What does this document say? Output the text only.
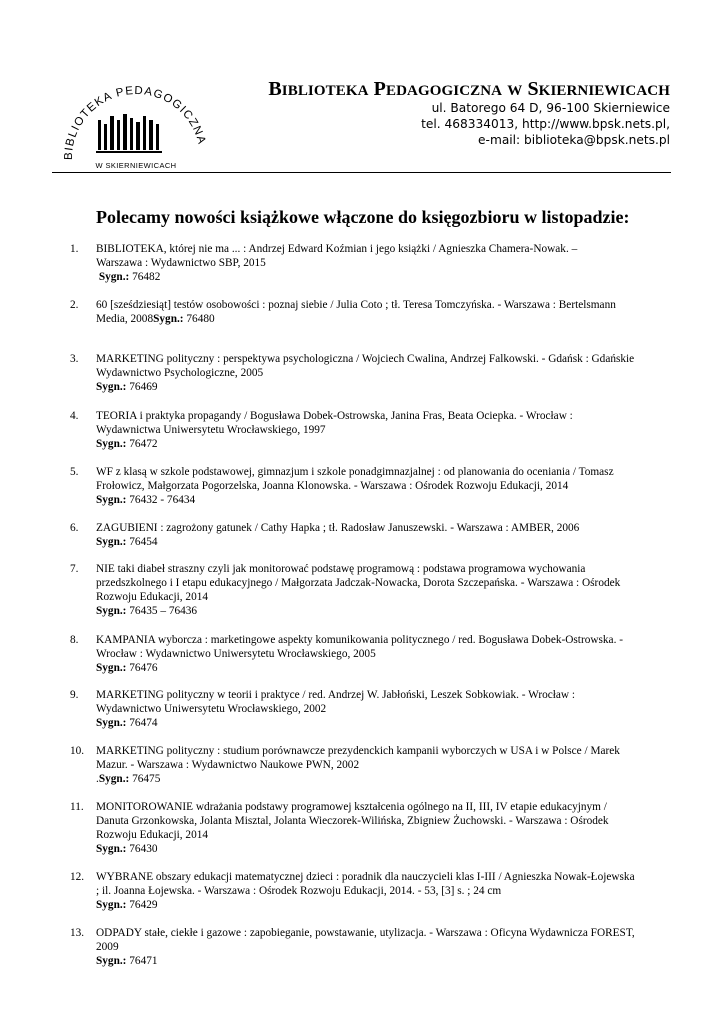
BIBLIOTEKA PEDAGOGICZNA
W SKIERNIEWICACH
BIBLIOTEKA PEDAGOGICZNA W SKIERNIEWICACH
ul. Batorego 64 D, 96-100 Skierniewice
tel. 468334013, http://www.bpsk.nets.pl,
e-mail: biblioteka@bpsk.nets.pl
Polecamy nowości książkowe włączone do księgozbioru w listopadzie:
1.	BIBLIOTEKA, której nie ma ... : Andrzej Edward Koźmian i jego książki / Agnieszka Chamera-Nowak. –
Warszawa : Wydawnictwo SBP, 2015
Sygn.: 76482
2.	60 [sześdziesiąt] testów osobowości : poznaj siebie / Julia Coto ; tł. Teresa Tomczyńska. - Warszawa : Bertelsmann
Media, 2008Sygn.: 76480
3.	MARKETING polityczny : perspektywa psychologiczna / Wojciech Cwalina, Andrzej Falkowski. - Gdańsk : Gdańskie
Wydawnictwo Psychologiczne, 2005
Sygn.: 76469
4.	TEORIA i praktyka propagandy / Bogusława Dobek-Ostrowska, Janina Fras, Beata Ociepka. - Wrocław :
Wydawnictwa Uniwersytetu Wrocławskiego, 1997
Sygn.: 76472
5.	WF z klasą w szkole podstawowej, gimnazjum i szkole ponadgimnazjalnej : od planowania do oceniania / Tomasz
Frołowicz, Małgorzata Pogorzelska, Joanna Klonowska. - Warszawa : Ośrodek Rozwoju Edukacji, 2014
Sygn.: 76432 - 76434
6.	ZAGUBIENI : zagrożony gatunek / Cathy Hapka ; tł. Radosław Januszewski. - Warszawa : AMBER, 2006
Sygn.: 76454
7.	NIE taki diabeł straszny czyli jak monitorować podstawę programową : podstawa programowa wychowania
przedszkolnego i I etapu edukacyjnego / Małgorzata Jadczak-Nowacka, Dorota Szczepańska. - Warszawa : Ośrodek
Rozwoju Edukacji, 2014
Sygn.: 76435 – 76436
8.	KAMPANIA wyborcza : marketingowe aspekty komunikowania politycznego / red. Bogusława Dobek-Ostrowska. -
Wrocław : Wydawnictwo Uniwersytetu Wrocławskiego, 2005
Sygn.: 76476
9.	MARKETING polityczny w teorii i praktyce / red. Andrzej W. Jabłoński, Leszek Sobkowiak. - Wrocław :
Wydawnictwo Uniwersytetu Wrocławskiego, 2002
Sygn.: 76474
10.	MARKETING polityczny : studium porównawcze prezydenckich kampanii wyborczych w USA i w Polsce / Marek
Mazur. - Warszawa : Wydawnictwo Naukowe PWN, 2002
.Sygn.: 76475
11.	MONITOROWANIE wdrażania podstawy programowej kształcenia ogólnego na II, III, IV etapie edukacyjnym /
Danuta Grzonkowska, Jolanta Misztal, Jolanta Wieczorek-Wilińska, Zbigniew Żuchowski. - Warszawa : Ośrodek
Rozwoju Edukacji, 2014
Sygn.: 76430
12.	WYBRANE obszary edukacji matematycznej dzieci : poradnik dla nauczycieli klas I-III / Agnieszka Nowak-Łojewska
; il. Joanna Łojewska. - Warszawa : Ośrodek Rozwoju Edukacji, 2014. - 53, [3] s. ; 24 cm
Sygn.: 76429
13.	ODPADY stałe, ciekłe i gazowe : zapobieganie, powstawanie, utylizacja. - Warszawa : Oficyna Wydawnicza FOREST,
2009
Sygn.: 76471
